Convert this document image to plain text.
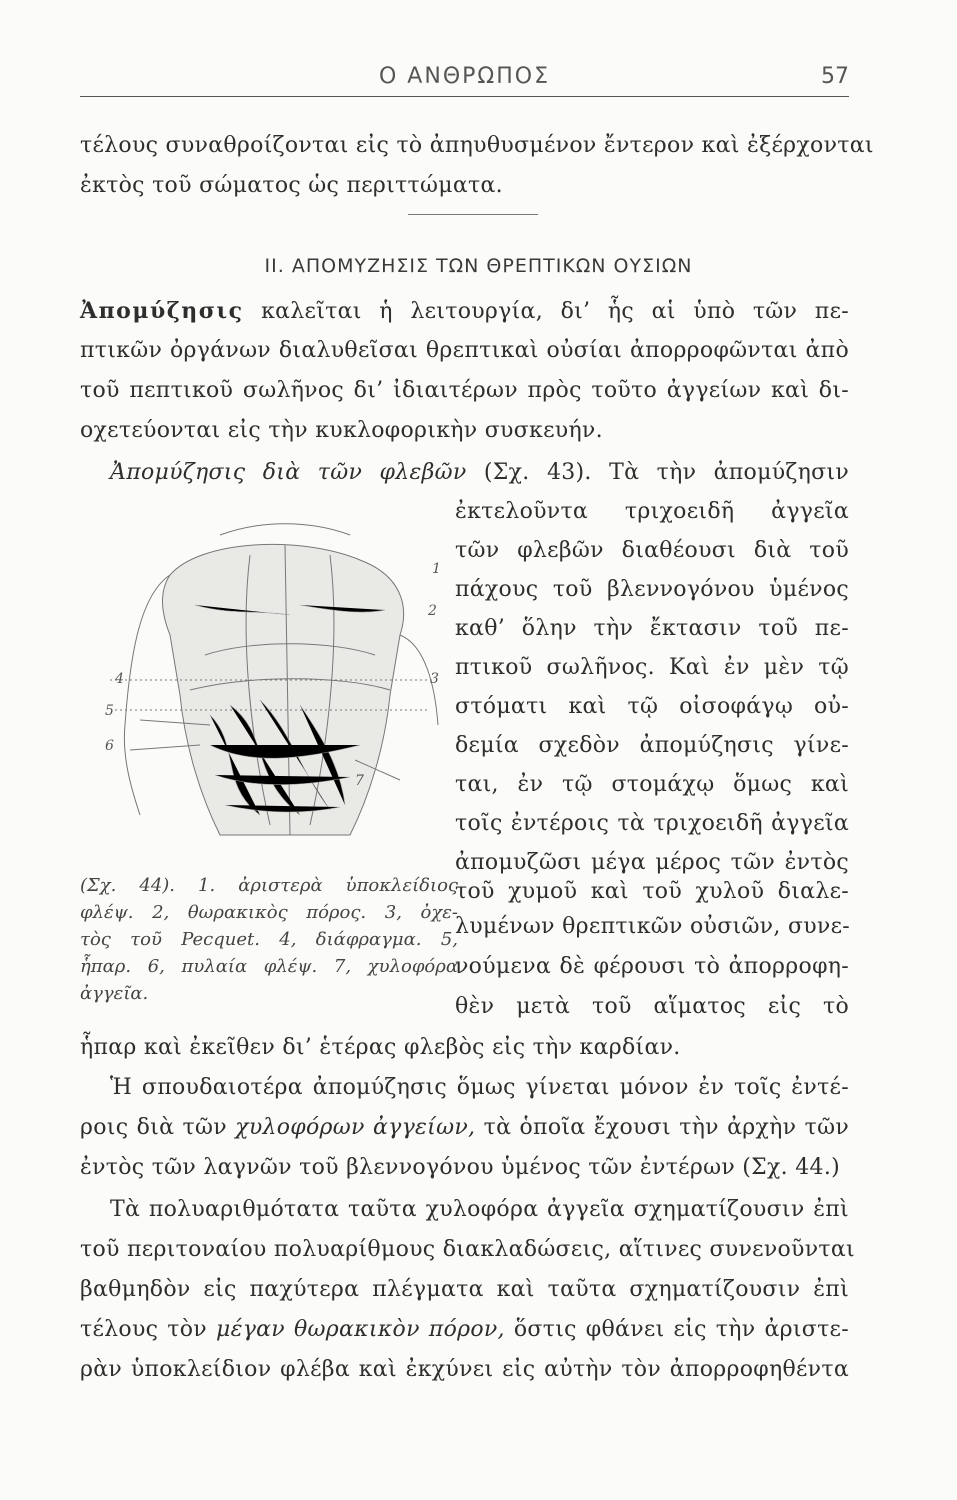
Ο ΑΝΘΡΩΠΟΣ	57
τέλους συναθροίζονται εἰς τὸ ἀπηυθυσμένον ἔντερον καὶ ἐξέρχονται
ἐκτὸς τοῦ σώματος ὡς περιττώματα.
II. ΑΠΟΜΥΖΗΣΙΣ ΤΩΝ ΘΡΕΠΤΙΚΩΝ ΟΥΣΙΩΝ
Ἀπομύζησις καλεῖται ἡ λειτουργία, δι’ ἧς αἱ ὑπὸ τῶν πε-
πτικῶν ὀργάνων διαλυθεῖσαι θρεπτικαὶ οὐσίαι ἀπορροφῶνται ἀπὸ
τοῦ πεπτικοῦ σωλῆνος δι’ ἰδιαιτέρων πρὸς τοῦτο ἀγγείων καὶ δι-
οχετεύονται εἰς τὴν κυκλοφορικὴν συσκευήν.
Ἀπομύζησις διὰ τῶν φλεβῶν (Σχ. 43). Τὰ τὴν ἀπομύζησιν
ἐκτελοῦντα τριχοειδῆ ἀγγεῖα
τῶν φλεβῶν διαθέουσι διὰ τοῦ
πάχους τοῦ βλεννογόνου ὑμένος
καθ’ ὅλην τὴν ἔκτασιν τοῦ πε-
πτικοῦ σωλῆνος. Καὶ ἐν μὲν τῷ
στόματι καὶ τῷ οἰσοφάγῳ οὐ-
δεμία σχεδὸν ἀπομύζησις γίνε-
ται, ἐν τῷ στομάχῳ ὅμως καὶ
τοῖς ἐντέροις τὰ τριχοειδῆ ἀγγεῖα
ἀπομυζῶσι μέγα μέρος τῶν ἐντὸς
τοῦ χυμοῦ καὶ τοῦ χυλοῦ διαλε-
λυμένων θρεπτικῶν οὐσιῶν, συνε-
νούμενα δὲ φέρουσι τὸ ἀπορροφη-
θὲν μετὰ τοῦ αἵματος εἰς τὸ
ἧπαρ καὶ ἐκεῖθεν δι’ ἑτέρας φλεβὸς εἰς τὴν καρδίαν.
1
2
3
4
5
6
7
(Σχ. 44). 1. ἀριστερὰ ὑποκλείδιος
φλέψ. 2, θωρακικὸς πόρος. 3, ὀχε-
τὸς τοῦ Pecquet. 4, διάφραγμα. 5,
ἧπαρ. 6, πυλαία φλέψ. 7, χυλοφόρα
ἀγγεῖα.
Ἡ σπουδαιοτέρα ἀπομύζησις ὅμως γίνεται μόνον ἐν τοῖς ἐντέ-
ροις διὰ τῶν χυλοφόρων ἀγγείων, τὰ ὁποῖα ἔχουσι τὴν ἀρχὴν τῶν
ἐντὸς τῶν λαγνῶν τοῦ βλεννογόνου ὑμένος τῶν ἐντέρων (Σχ. 44.)
Τὰ πολυαριθμότατα ταῦτα χυλοφόρα ἀγγεῖα σχηματίζουσιν ἐπὶ
τοῦ περιτοναίου πολυαρίθμους διακλαδώσεις, αἵτινες συνενοῦνται
βαθμηδὸν εἰς παχύτερα πλέγματα καὶ ταῦτα σχηματίζουσιν ἐπὶ
τέλους τὸν μέγαν θωρακικὸν πόρον, ὅστις φθάνει εἰς τὴν ἀριστε-
ρὰν ὑποκλείδιον φλέβα καὶ ἐκχύνει εἰς αὐτὴν τὸν ἀπορροφηθέντα
